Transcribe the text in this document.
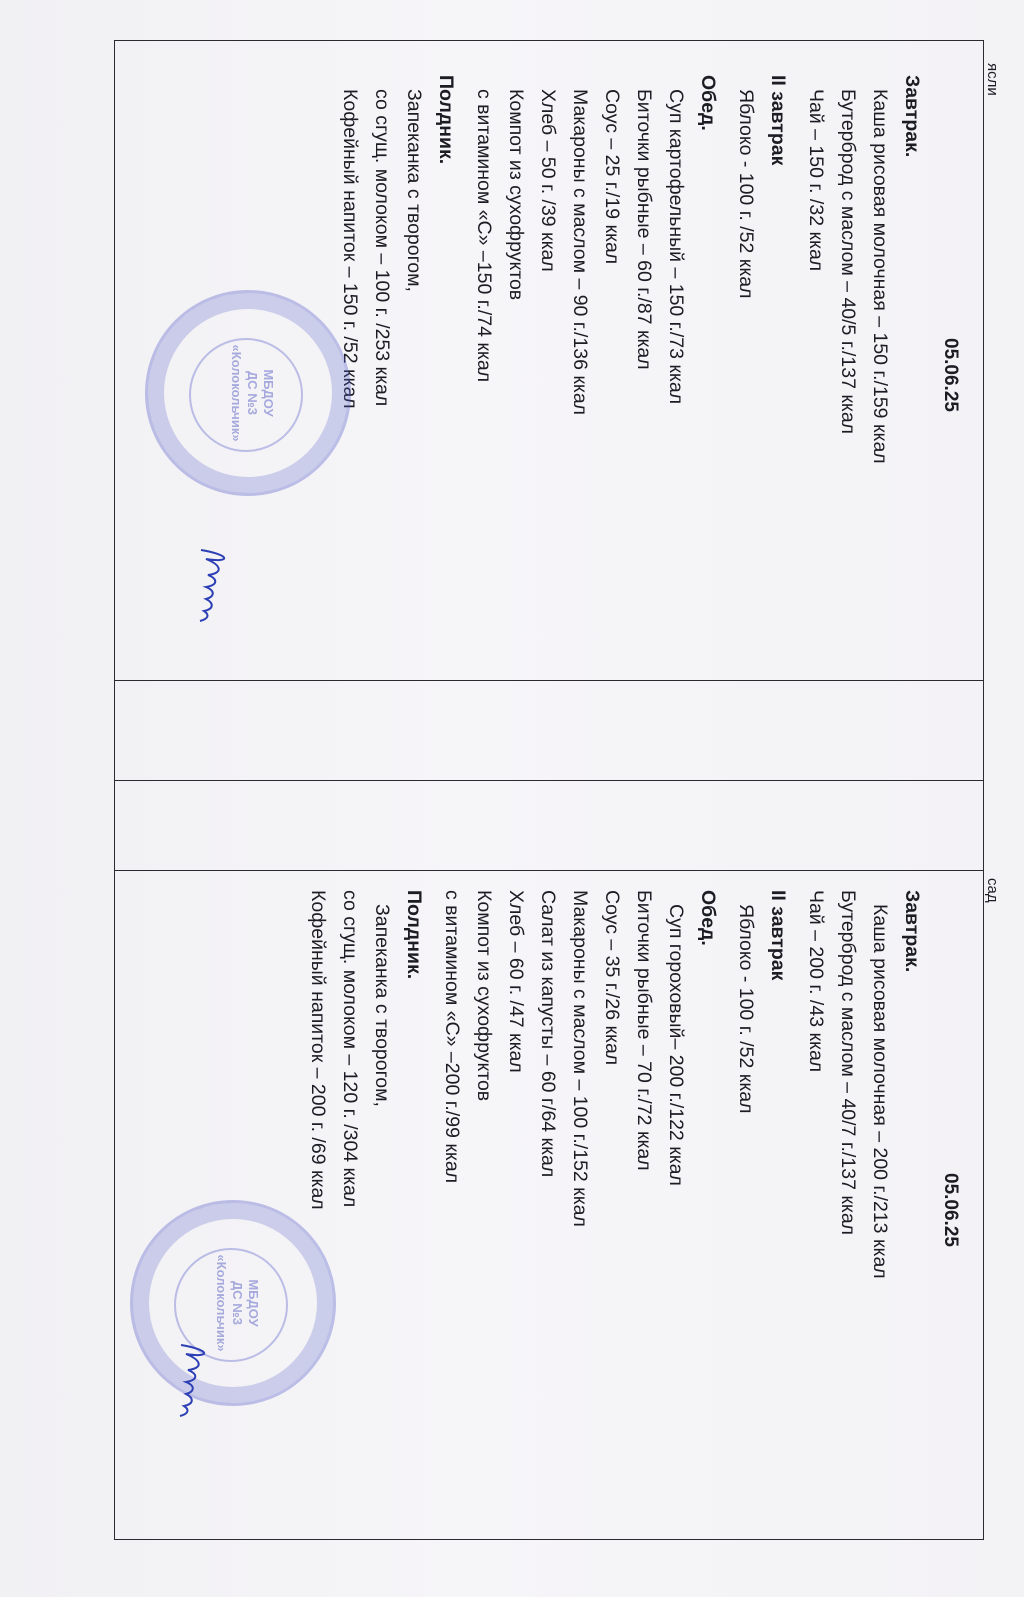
ясли
05.06.25
Завтрак.
Каша рисовая молочная – 150 г./159 ккал
Бутерброд с маслом – 40/5 г./137 ккал
Чай – 150 г. /32 ккал
II завтрак
Яблоко - 100 г. /52 ккал
Обед.
Суп картофельный – 150 г./73 ккал
Биточки рыбные – 60 г./87 ккал
Соус – 25 г./19 ккал
Макароны с маслом – 90 г./136 ккал
Хлеб – 50 г. /39 ккал
Компот из сухофруктов
с витамином «С» –150 г./74 ккал
Полдник.
Запеканка с творогом,
со сгущ. молоком – 100 г. /253 ккал
Кофейный напиток – 150 г. /52 ккал
МБДОУ
ДС №3
«Колокольчик»
сад
05.06.25
Завтрак.
Каша рисовая молочная – 200 г./213 ккал
Бутерброд с маслом – 40/7 г./137 ккал
Чай – 200 г. /43 ккал
II завтрак
Яблоко - 100 г. /52 ккал
Обед.
Суп гороховый– 200 г./122 ккал
Биточки рыбные – 70 г./72 ккал
Соус – 35 г./26 ккал
Макароны с маслом – 100 г./152 ккал
Салат из капусты – 60 г/64 ккал
Хлеб – 60 г. /47 ккал
Компот из сухофруктов
с витамином «С» –200 г./99 ккал
Полдник.
Запеканка с творогом,
со сгущ. молоком – 120 г. /304 ккал
Кофейный напиток – 200 г. /69 ккал
МБДОУ
ДС №3
«Колокольчик»
